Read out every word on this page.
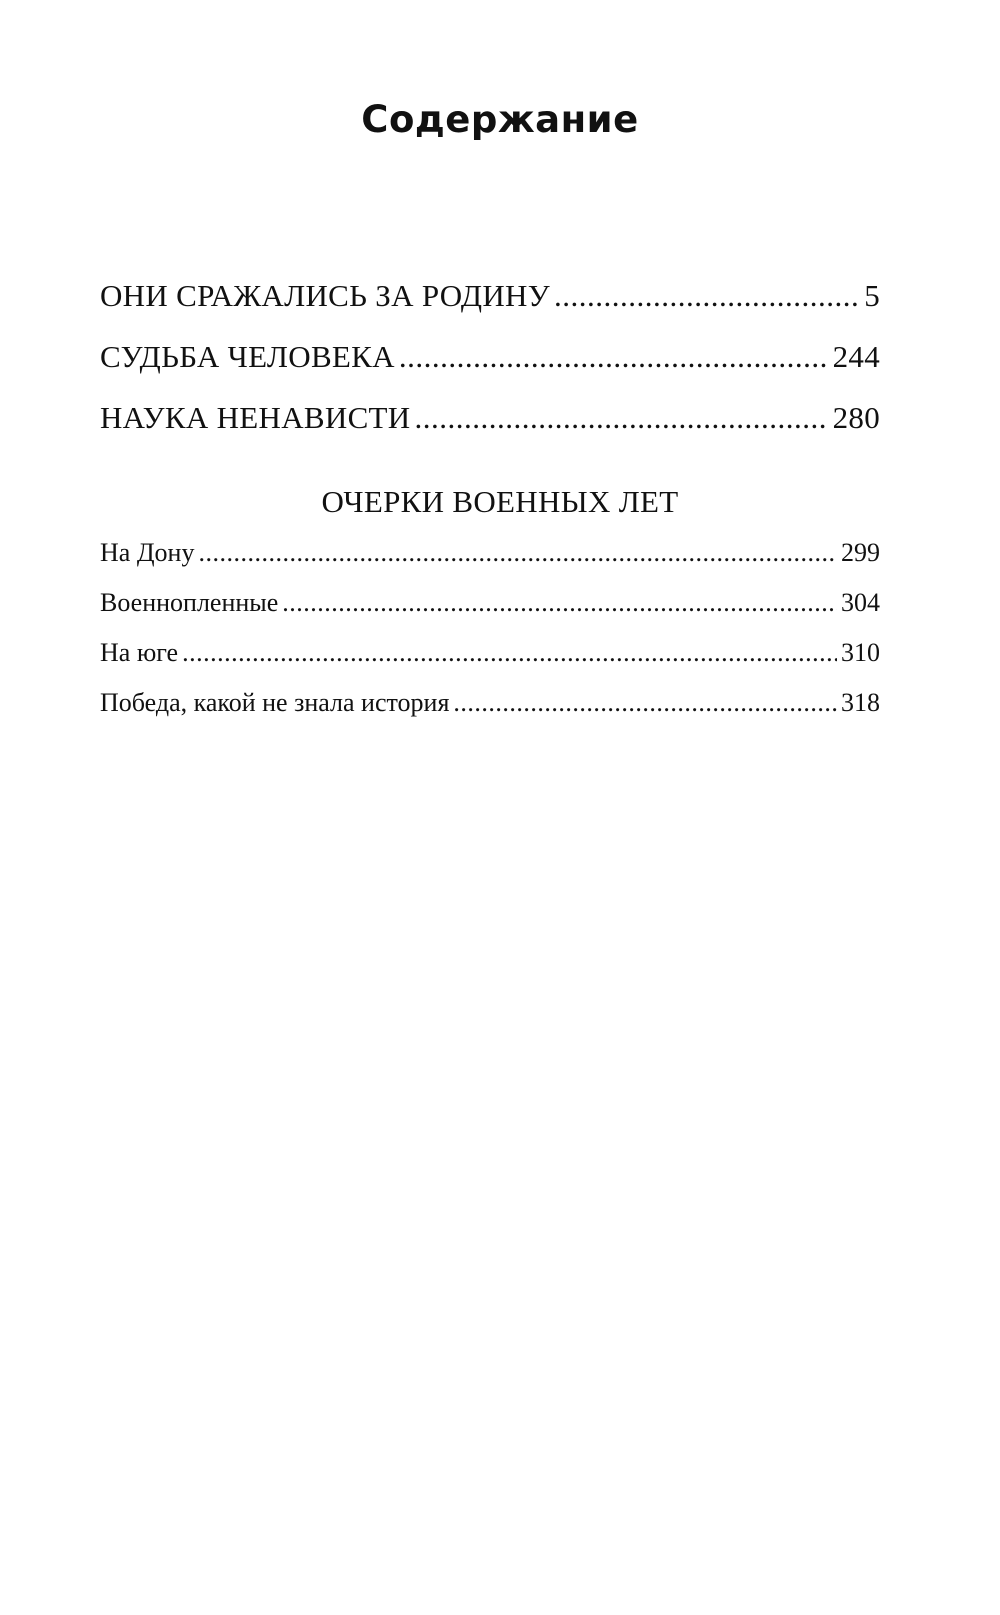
Содержание
ОНИ СРАЖАЛИСЬ ЗА РОДИНУ .....	5
СУДЬБА ЧЕЛОВЕКА .....	244
НАУКА НЕНАВИСТИ .....	280
ОЧЕРКИ ВОЕННЫХ ЛЕТ
На Дону .....	299
Военнопленные .....	304
На юге .....	310
Победа, какой не знала история .....	318
